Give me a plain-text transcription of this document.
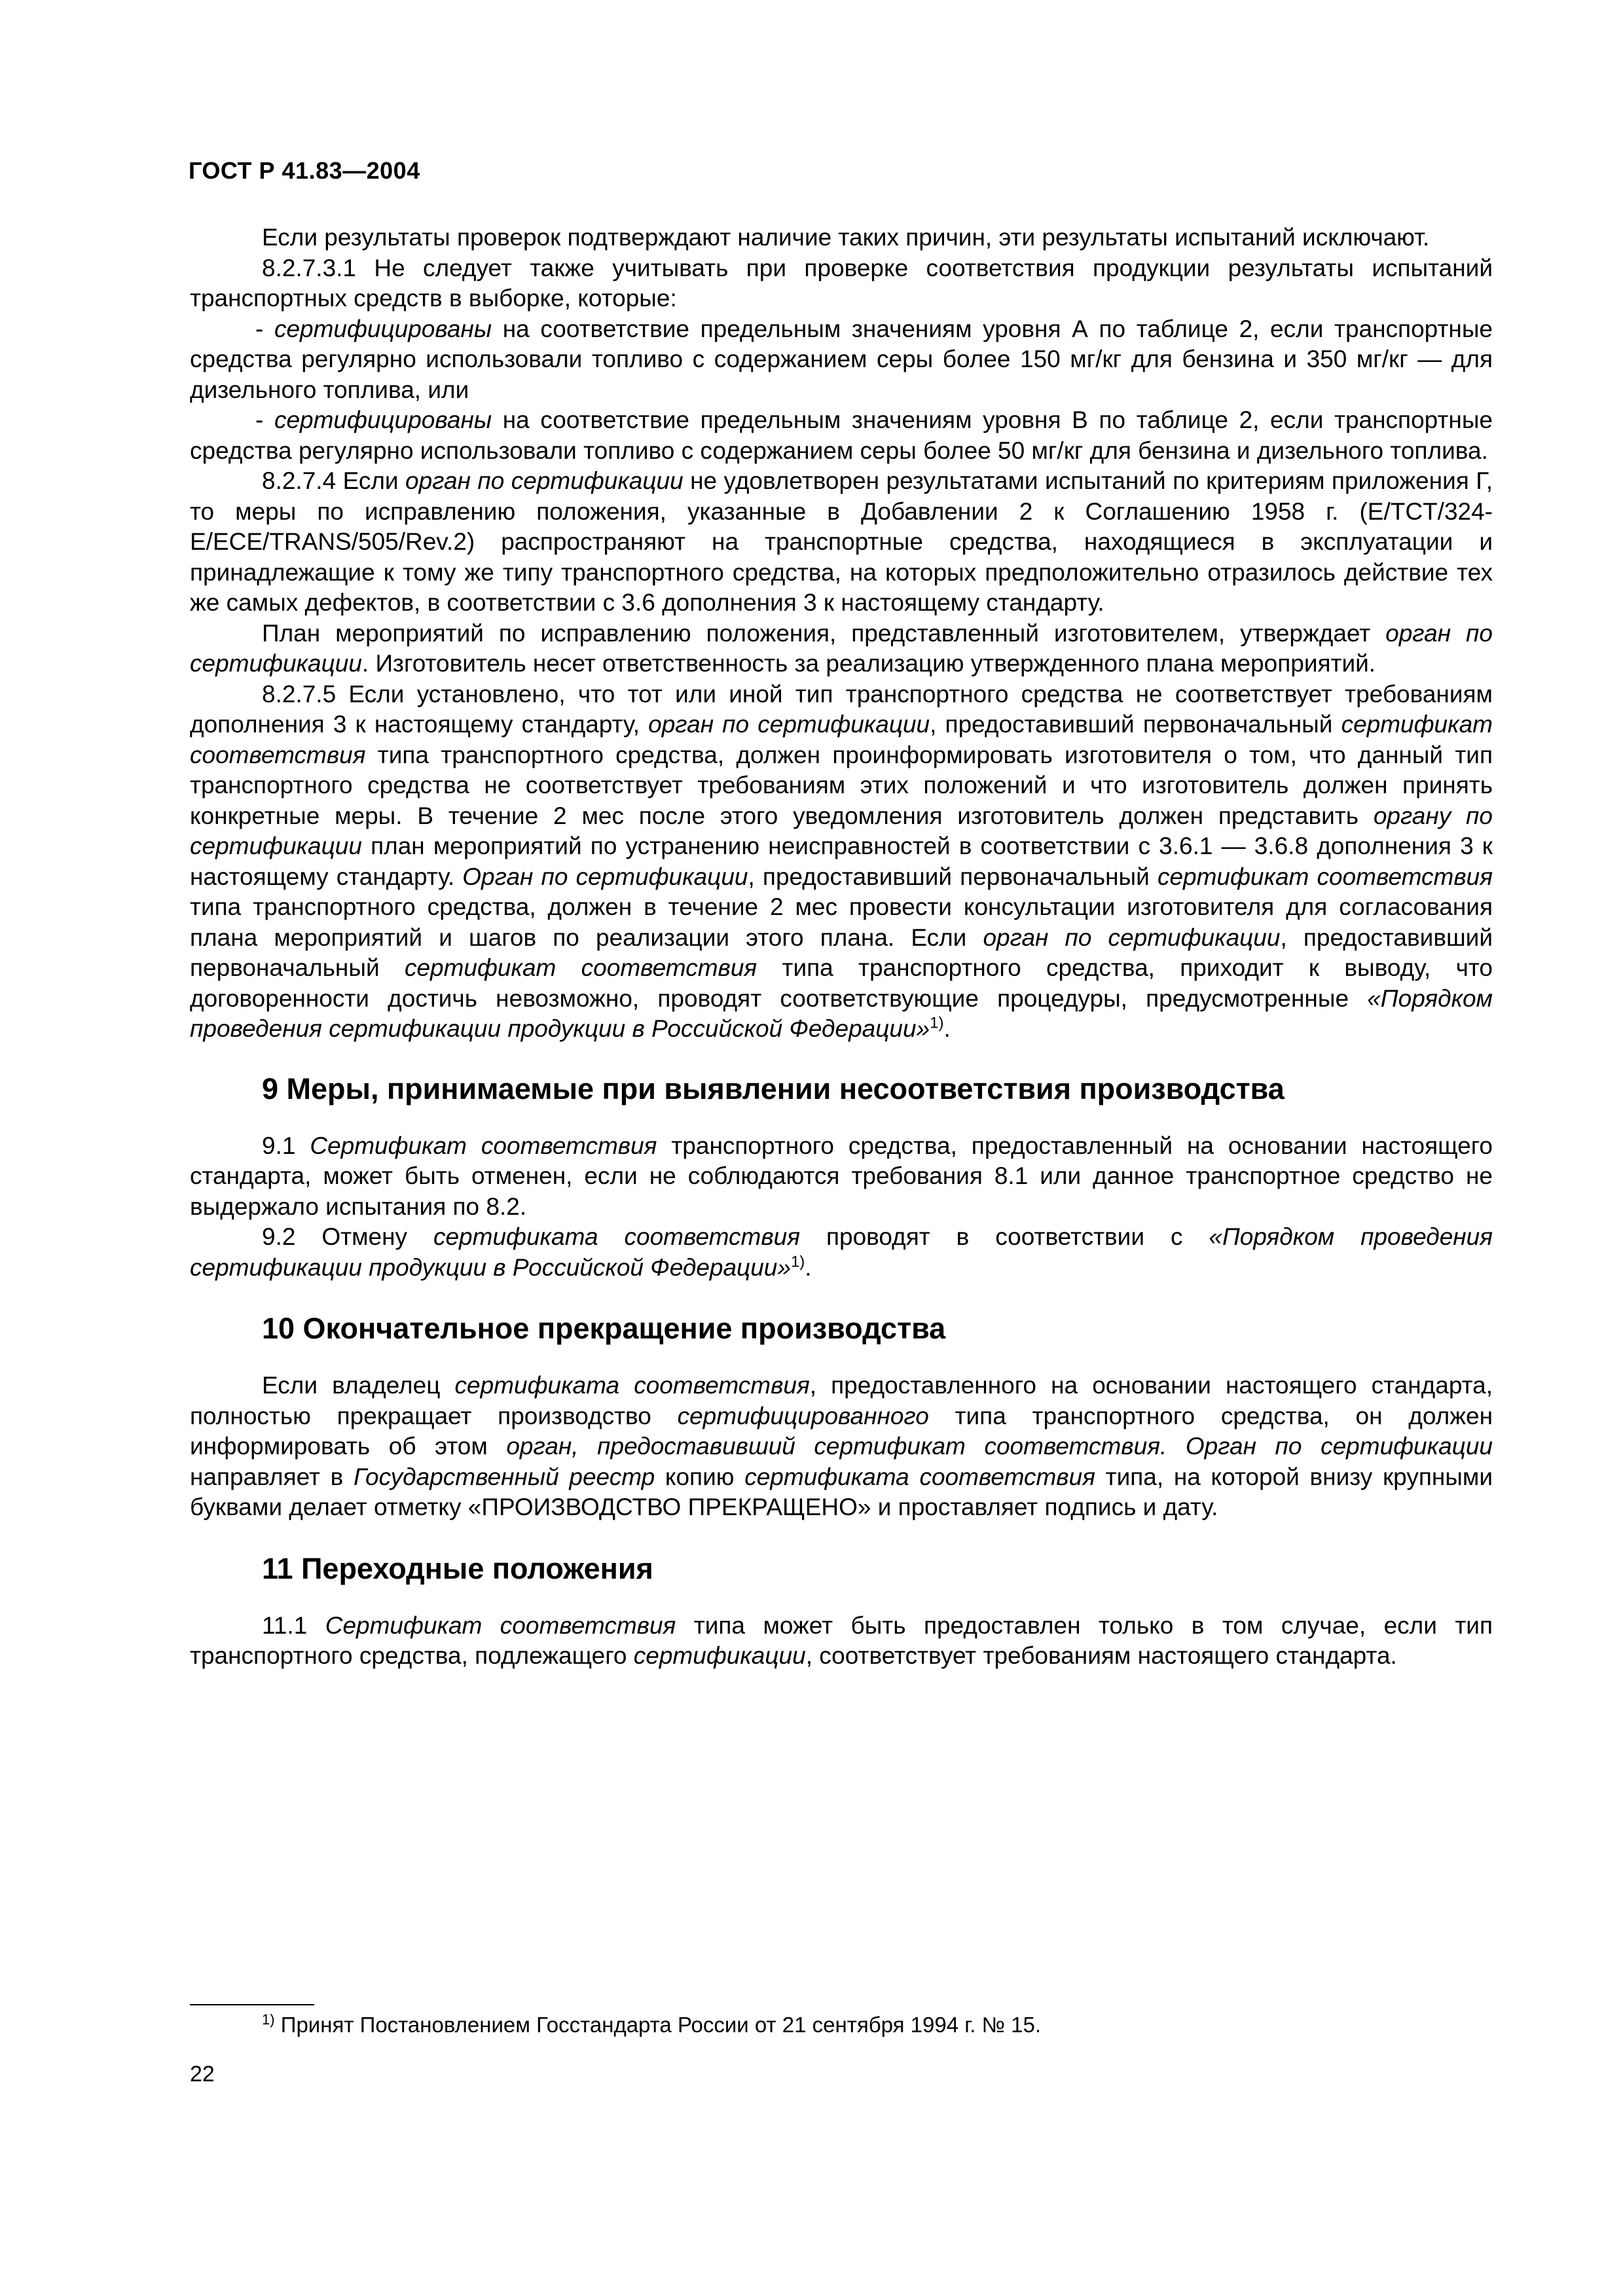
ГОСТ Р 41.83—2004

Если результаты проверок подтверждают наличие таких причин, эти результаты испытаний исключают.

8.2.7.3.1 Не следует также учитывать при проверке соответствия продукции результаты испытаний транспортных средств в выборке, которые:

- сертифицированы на соответствие предельным значениям уровня А по таблице 2, если транспортные средства регулярно использовали топливо с содержанием серы более 150 мг/кг для бензина и 350 мг/кг — для дизельного топлива, или

- сертифицированы на соответствие предельным значениям уровня В по таблице 2, если транспортные средства регулярно использовали топливо с содержанием серы более 50 мг/кг для бензина и дизельного топлива.

8.2.7.4 Если орган по сертификации не удовлетворен результатами испытаний по критериям приложения Г, то меры по исправлению положения, указанные в Добавлении 2 к Соглашению 1958 г. (E/TCT/324-E/ECE/TRANS/505/Rev.2) распространяют на транспортные средства, находящиеся в эксплуатации и принадлежащие к тому же типу транспортного средства, на которых предположительно отразилось действие тех же самых дефектов, в соответствии с 3.6 дополнения 3 к настоящему стандарту.

План мероприятий по исправлению положения, представленный изготовителем, утверждает орган по сертификации. Изготовитель несет ответственность за реализацию утвержденного плана мероприятий.

8.2.7.5 Если установлено, что тот или иной тип транспортного средства не соответствует требованиям дополнения 3 к настоящему стандарту, орган по сертификации, предоставивший первоначальный сертификат соответствия типа транспортного средства, должен проинформировать изготовителя о том, что данный тип транспортного средства не соответствует требованиям этих положений и что изготовитель должен принять конкретные меры. В течение 2 мес после этого уведомления изготовитель должен представить органу по сертификации план мероприятий по устранению неисправностей в соответствии с 3.6.1 — 3.6.8 дополнения 3 к настоящему стандарту. Орган по сертификации, предоставивший первоначальный сертификат соответствия типа транспортного средства, должен в течение 2 мес провести консультации изготовителя для согласования плана мероприятий и шагов по реализации этого плана. Если орган по сертификации, предоставивший первоначальный сертификат соответствия типа транспортного средства, приходит к выводу, что договоренности достичь невозможно, проводят соответствующие процедуры, предусмотренные «Порядком проведения сертификации продукции в Российской Федерации»$^{1)}$.

9 Меры, принимаемые при выявлении несоответствия производства

9.1 Сертификат соответствия транспортного средства, предоставленный на основании настоящего стандарта, может быть отменен, если не соблюдаются требования 8.1 или данное транспортное средство не выдержало испытания по 8.2.

9.2 Отмену сертификата соответствия проводят в соответствии с «Порядком проведения сертификации продукции в Российской Федерации»$^{1)}$.

10 Окончательное прекращение производства

Если владелец сертификата соответствия, предоставленного на основании настоящего стандарта, полностью прекращает производство сертифицированного типа транспортного средства, он должен информировать об этом орган, предоставивший сертификат соответствия. Орган по сертификации направляет в Государственный реестр копию сертификата соответствия типа, на которой внизу крупными буквами делает отметку «ПРОИЗВОДСТВО ПРЕКРАЩЕНО» и проставляет подпись и дату.

11 Переходные положения

11.1 Сертификат соответствия типа может быть предоставлен только в том случае, если тип транспортного средства, подлежащего сертификации, соответствует требованиям настоящего стандарта.

$^{1)}$ Принят Постановлением Госстандарта России от 21 сентября 1994 г. № 15.
22
